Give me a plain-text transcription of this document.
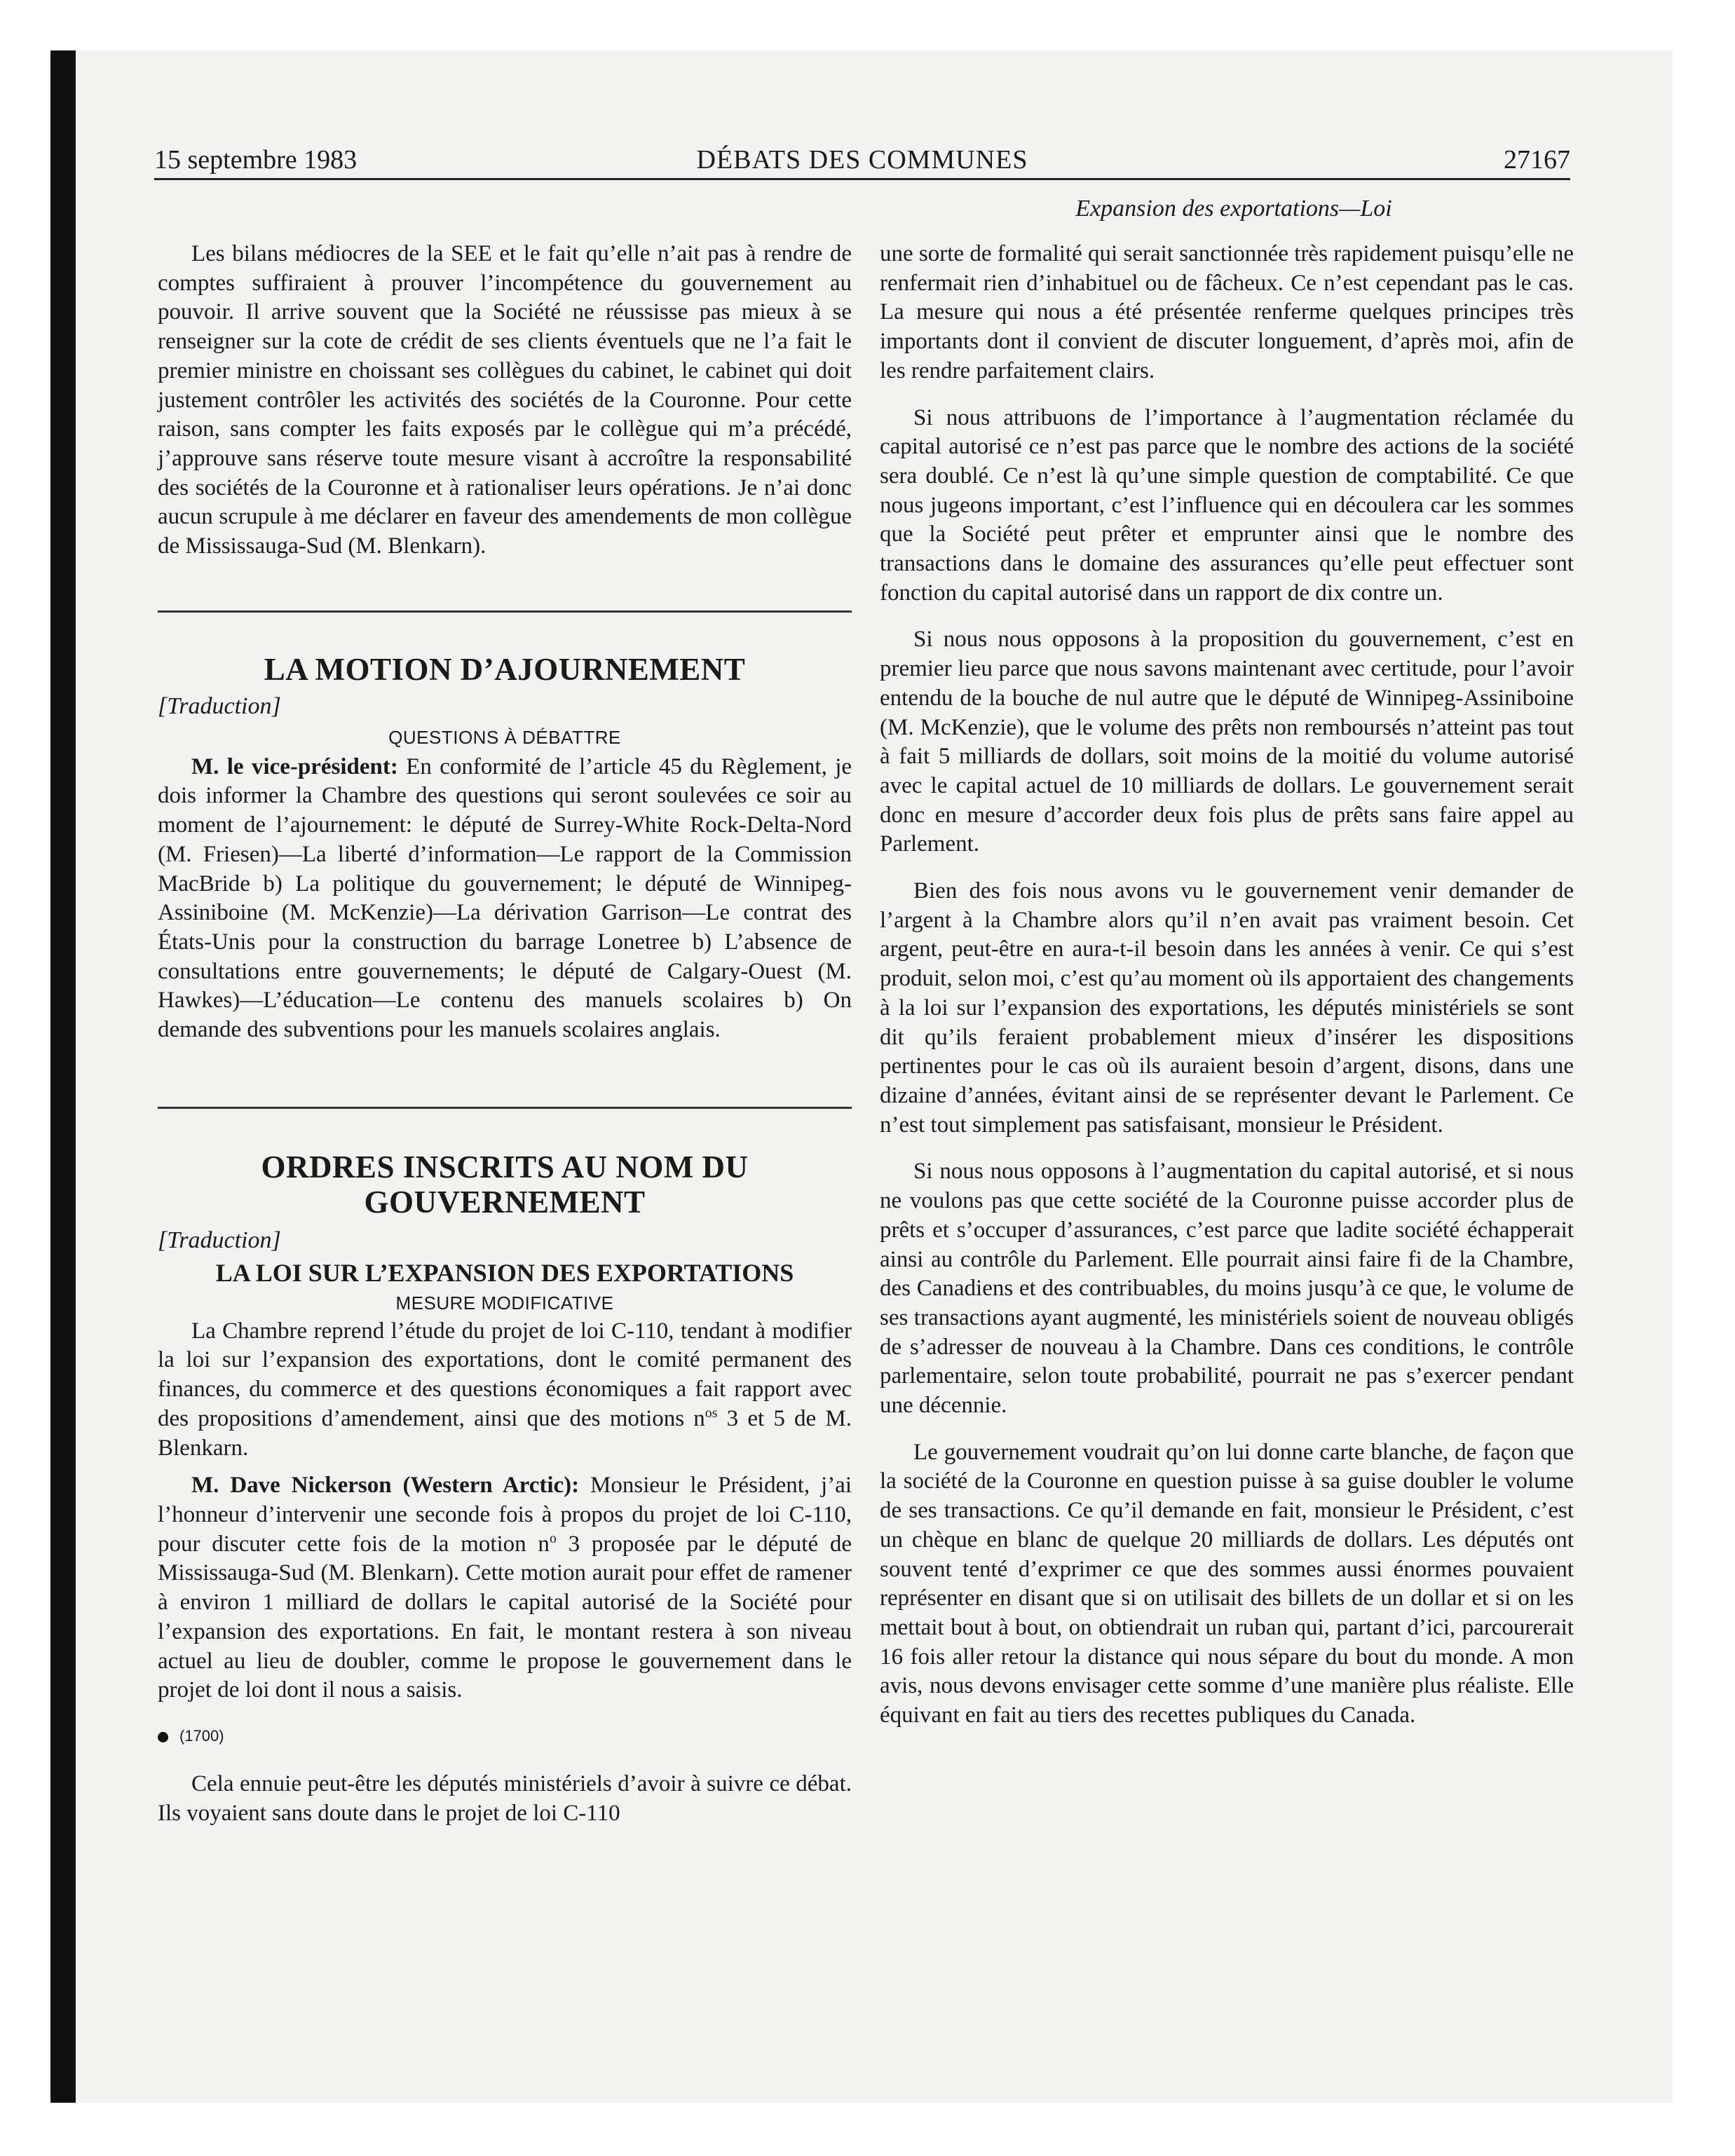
DÉBATS DES COMMUNES
15 septembre 1983	27167
Expansion des exportations—Loi

Les bilans médiocres de la SEE et le fait qu’elle n’ait pas à rendre de comptes suffiraient à prouver l’incompétence du gouvernement au pouvoir. Il arrive souvent que la Société ne réussisse pas mieux à se renseigner sur la cote de crédit de ses clients éventuels que ne l’a fait le premier ministre en choissant ses collègues du cabinet, le cabinet qui doit justement contrôler les activités des sociétés de la Couronne. Pour cette raison, sans compter les faits exposés par le collègue qui m’a précédé, j’approuve sans réserve toute mesure visant à accroître la responsabilité des sociétés de la Couronne et à rationaliser leurs opérations. Je n’ai donc aucun scrupule à me déclarer en faveur des amendements de mon collègue de Mississauga-Sud (M. Blenkarn).

LA MOTION D’AJOURNEMENT

[Traduction]

QUESTIONS À DÉBATTRE

M. le vice-président: En conformité de l’article 45 du Règlement, je dois informer la Chambre des questions qui seront soulevées ce soir au moment de l’ajournement: le député de Surrey-White Rock-Delta-Nord (M. Friesen)—La liberté d’information—Le rapport de la Commission MacBride b) La politique du gouvernement; le député de Winnipeg-Assiniboine (M. McKenzie)—La dérivation Garrison—Le contrat des États-Unis pour la construction du barrage Lonetree b) L’absence de consultations entre gouvernements; le député de Calgary-Ouest (M. Hawkes)—L’éducation—Le contenu des manuels scolaires b) On demande des subventions pour les manuels scolaires anglais.

ORDRES INSCRITS AU NOM DU GOUVERNEMENT

[Traduction]

LA LOI SUR L’EXPANSION DES EXPORTATIONS

MESURE MODIFICATIVE

La Chambre reprend l’étude du projet de loi C-110, tendant à modifier la loi sur l’expansion des exportations, dont le comité permanent des finances, du commerce et des questions économiques a fait rapport avec des propositions d’amendement, ainsi que des motions $n^{os}$ 3 et 5 de M. Blenkarn.

M. Dave Nickerson (Western Arctic): Monsieur le Président, j’ai l’honneur d’intervenir une seconde fois à propos du projet de loi C-110, pour discuter cette fois de la motion $n^o$ 3 proposée par le député de Mississauga-Sud (M. Blenkarn). Cette motion aurait pour effet de ramener à environ 1 milliard de dollars le capital autorisé de la Société pour l’expansion des exportations. En fait, le montant restera à son niveau actuel au lieu de doubler, comme le propose le gouvernement dans le projet de loi dont il nous a saisis.

(1700)

Cela ennuie peut-être les députés ministériels d’avoir à suivre ce débat. Ils voyaient sans doute dans le projet de loi C-110

une sorte de formalité qui serait sanctionnée très rapidement puisqu’elle ne renfermait rien d’inhabituel ou de fâcheux. Ce n’est cependant pas le cas. La mesure qui nous a été présentée renferme quelques principes très importants dont il convient de discuter longuement, d’après moi, afin de les rendre parfaitement clairs.

Si nous attribuons de l’importance à l’augmentation réclamée du capital autorisé ce n’est pas parce que le nombre des actions de la société sera doublé. Ce n’est là qu’une simple question de comptabilité. Ce que nous jugeons important, c’est l’influence qui en découlera car les sommes que la Société peut prêter et emprunter ainsi que le nombre des transactions dans le domaine des assurances qu’elle peut effectuer sont fonction du capital autorisé dans un rapport de dix contre un.

Si nous nous opposons à la proposition du gouvernement, c’est en premier lieu parce que nous savons maintenant avec certitude, pour l’avoir entendu de la bouche de nul autre que le député de Winnipeg-Assiniboine (M. McKenzie), que le volume des prêts non remboursés n’atteint pas tout à fait 5 milliards de dollars, soit moins de la moitié du volume autorisé avec le capital actuel de 10 milliards de dollars. Le gouvernement serait donc en mesure d’accorder deux fois plus de prêts sans faire appel au Parlement.

Bien des fois nous avons vu le gouvernement venir demander de l’argent à la Chambre alors qu’il n’en avait pas vraiment besoin. Cet argent, peut-être en aura-t-il besoin dans les années à venir. Ce qui s’est produit, selon moi, c’est qu’au moment où ils apportaient des changements à la loi sur l’expansion des exportations, les députés ministériels se sont dit qu’ils feraient probablement mieux d’insérer les dispositions pertinentes pour le cas où ils auraient besoin d’argent, disons, dans une dizaine d’années, évitant ainsi de se représenter devant le Parlement. Ce n’est tout simplement pas satisfaisant, monsieur le Président.

Si nous nous opposons à l’augmentation du capital autorisé, et si nous ne voulons pas que cette société de la Couronne puisse accorder plus de prêts et s’occuper d’assurances, c’est parce que ladite société échapperait ainsi au contrôle du Parlement. Elle pourrait ainsi faire fi de la Chambre, des Canadiens et des contribuables, du moins jusqu’à ce que, le volume de ses transactions ayant augmenté, les ministériels soient de nouveau obligés de s’adresser de nouveau à la Chambre. Dans ces conditions, le contrôle parlementaire, selon toute probabilité, pourrait ne pas s’exercer pendant une décennie.

Le gouvernement voudrait qu’on lui donne carte blanche, de façon que la société de la Couronne en question puisse à sa guise doubler le volume de ses transactions. Ce qu’il demande en fait, monsieur le Président, c’est un chèque en blanc de quelque 20 milliards de dollars. Les députés ont souvent tenté d’exprimer ce que des sommes aussi énormes pouvaient représenter en disant que si on utilisait des billets de un dollar et si on les mettait bout à bout, on obtiendrait un ruban qui, partant d’ici, parcourerait 16 fois aller retour la distance qui nous sépare du bout du monde. A mon avis, nous devons envisager cette somme d’une manière plus réaliste. Elle équivant en fait au tiers des recettes publiques du Canada.
